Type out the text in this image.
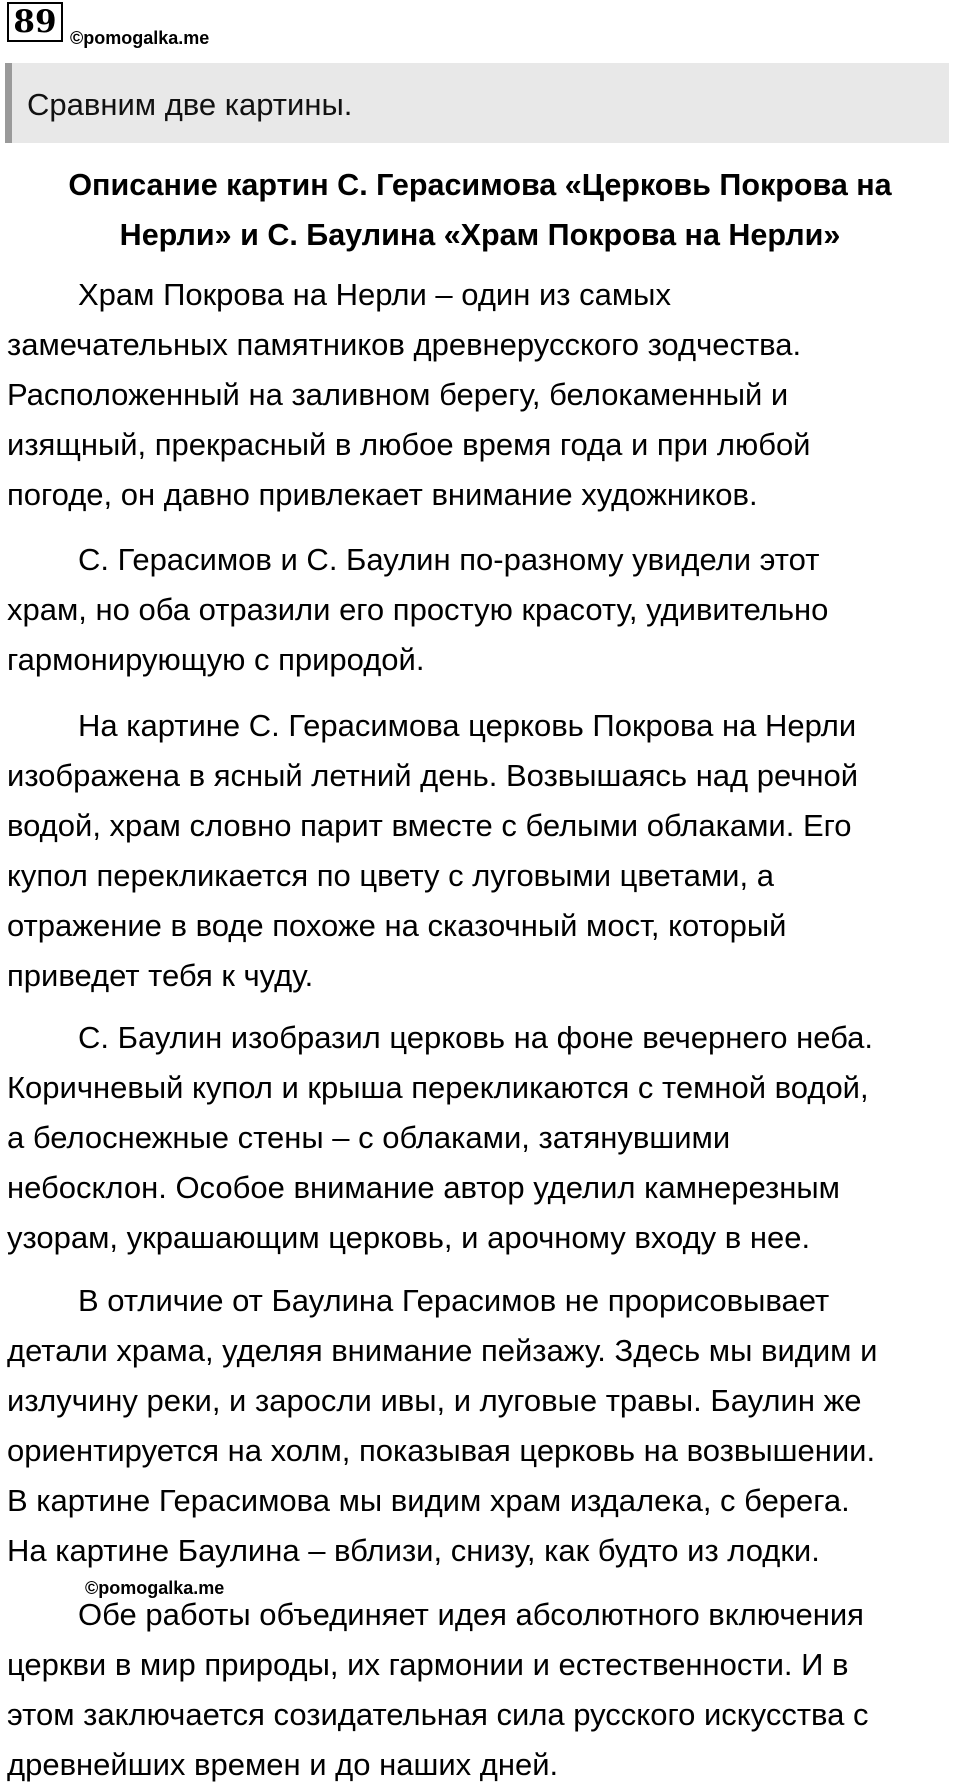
89 ©pomogalka.me
Сравним две картины.
Описание картин С. Герасимова «Церковь Покрова на
Нерли» и С. Баулина «Храм Покрова на Нерли»

Храм Покрова на Нерли – один из самых
замечательных памятников древнерусского зодчества.
Расположенный на заливном берегу, белокаменный и
изящный, прекрасный в любое время года и при любой
погоде, он давно привлекает внимание художников.

С. Герасимов и С. Баулин по-разному увидели этот
храм, но оба отразили его простую красоту, удивительно
гармонирующую с природой.

На картине С. Герасимова церковь Покрова на Нерли
изображена в ясный летний день. Возвышаясь над речной
водой, храм словно парит вместе с белыми облаками. Его
купол перекликается по цвету с луговыми цветами, а
отражение в воде похоже на сказочный мост, который
приведет тебя к чуду.

С. Баулин изобразил церковь на фоне вечернего неба.
Коричневый купол и крыша перекликаются с темной водой,
а белоснежные стены – с облаками, затянувшими
небосклон. Особое внимание автор уделил камнерезным
узорам, украшающим церковь, и арочному входу в нее.

В отличие от Баулина Герасимов не прорисовывает
детали храма, уделяя внимание пейзажу. Здесь мы видим и
излучину реки, и заросли ивы, и луговые травы. Баулин же
ориентируется на холм, показывая церковь на возвышении.
В картине Герасимова мы видим храм издалека, с берега.
На картине Баулина – вблизи, снизу, как будто из лодки.

©pomogalka.me

Обе работы объединяет идея абсолютного включения
церкви в мир природы, их гармонии и естественности. И в
этом заключается созидательная сила русского искусства с
древнейших времен и до наших дней.
